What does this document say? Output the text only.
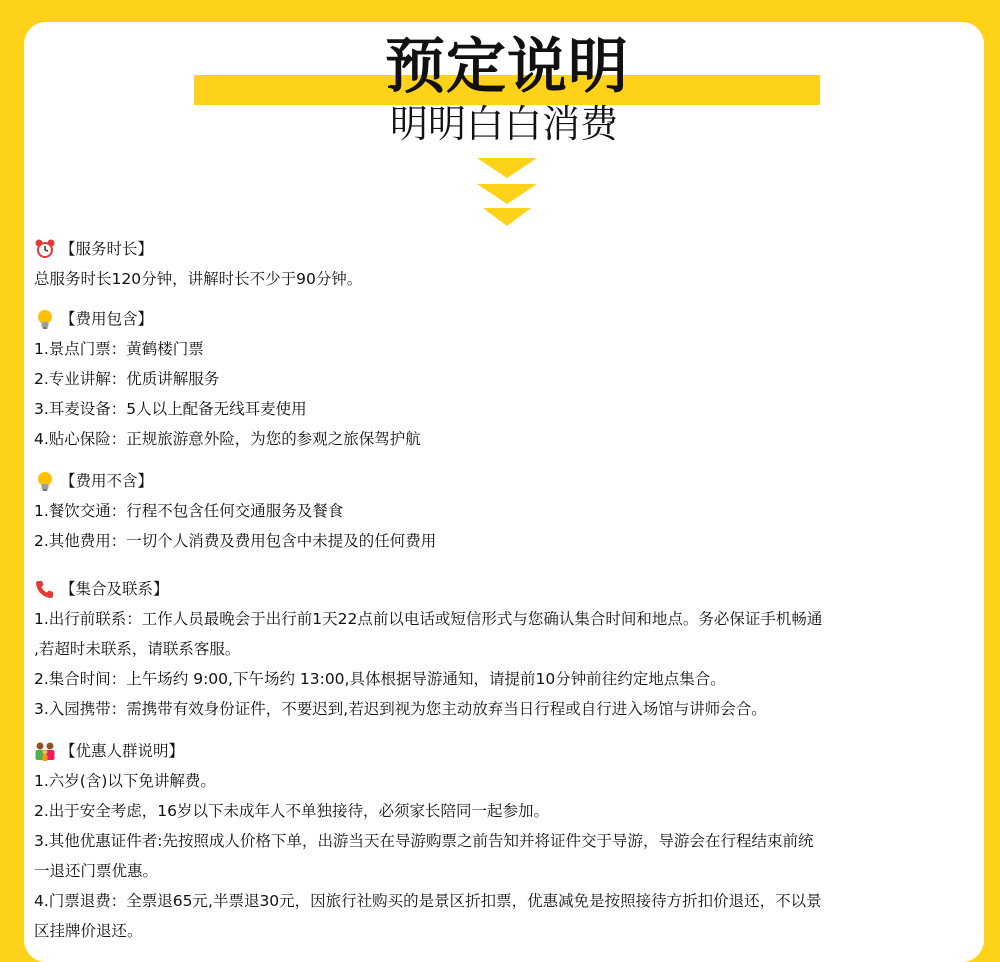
预定说明
明明白白消费
【服务时长】
总服务时长120分钟，讲解时长不少于90分钟。
【费用包含】
1.景点门票：黄鹤楼门票
2.专业讲解：优质讲解服务
3.耳麦设备：5人以上配备无线耳麦使用
4.贴心保险：正规旅游意外险，为您的参观之旅保驾护航
【费用不含】
1.餐饮交通：行程不包含任何交通服务及餐食
2.其他费用：一切个人消费及费用包含中未提及的任何费用
【集合及联系】
1.出行前联系：工作人员最晚会于出行前1天22点前以电话或短信形式与您确认集合时间和地点。务必保证手机畅通
,若超时未联系，请联系客服。
2.集合时间：上午场约 9:00,下午场约 13:00,具体根据导游通知，请提前10分钟前往约定地点集合。
3.入园携带：需携带有效身份证件，不要迟到,若迟到视为您主动放弃当日行程或自行进入场馆与讲师会合。
【优惠人群说明】
1.六岁(含)以下免讲解费。
2.出于安全考虑，16岁以下未成年人不单独接待，必须家长陪同一起参加。
3.其他优惠证件者:先按照成人价格下单，出游当天在导游购票之前告知并将证件交于导游，导游会在行程结束前统
一退还门票优惠。
4.门票退费：全票退65元,半票退30元，因旅行社购买的是景区折扣票，优惠减免是按照接待方折扣价退还，不以景
区挂牌价退还。
